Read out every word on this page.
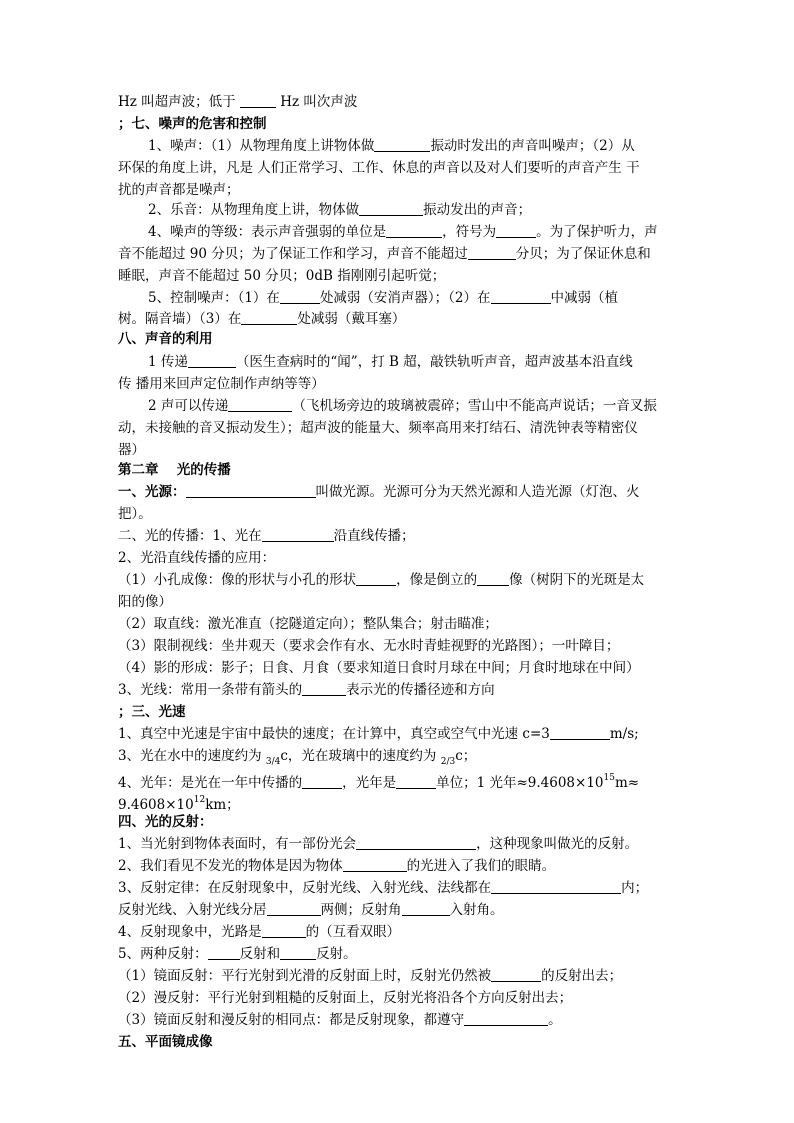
Hz 叫超声波；低于	Hz 叫次声波
；七、噪声的危害和控制
1、噪声：（1）从物理角度上讲物体做	振动时发出的声音叫噪声；（2）从
环保的角度上讲，凡是 人们正常学习、工作、休息的声音以及对人们要听的声音产生 干
扰的声音都是噪声；
2、乐音：从物理角度上讲，物体做	振动发出的声音；
4、噪声的等级：表示声音强弱的单位是	，符号为	。为了保护听力，声
音不能超过 90 分贝；为了保证工作和学习，声音不能超过	分贝；为了保证休息和
睡眠，声音不能超过 50 分贝；0dB 指刚刚引起听觉；
5、控制噪声：（1）在	处减弱（安消声器）；（2）在	中减弱（植
树。隔音墙）（3）在	处减弱（戴耳塞）
八、声音的利用
1 传递	（医生查病时的“闻”，打 B 超，敲铁轨听声音，超声波基本沿直线
传 播用来回声定位制作声纳等等）
2 声可以传递	（飞机场旁边的玻璃被震碎；雪山中不能高声说话；一音叉振
动，未接触的音叉振动发生）；超声波的能量大、频率高用来打结石、清洗钟表等精密仪
器）
第二章　 光的传播
一、光源：	叫做光源。光源可分为天然光源和人造光源（灯泡、火
把）。
二、光的传播：1、光在	沿直线传播；
2、光沿直线传播的应用：
（1）小孔成像：像的形状与小孔的形状	，像是倒立的 像（树阴下的光斑是太
阳的像）
（2）取直线：激光准直（挖隧道定向）；整队集合；射击瞄准；
（3）限制视线：坐井观天（要求会作有水、无水时青蛙视野的光路图）；一叶障目；
（4）影的形成：影子；日食、月食（要求知道日食时月球在中间；月食时地球在中间）
3、光线：常用一条带有箭头的	表示光的传播径迹和方向
；三、光速
1、真空中光速是宇宙中最快的速度；在计算中，真空或空气中光速 c=3	m/s;
3、光在水中的速度约为 $_{3/4}$c，光在玻璃中的速度约为 $_{2/3}$c；
4、光年：是光在一年中传播的	，光年是	单位；1 光年$\approx 9.4608\times 10^{15}m\approx$
$9.4608\times 10^{12}km$；
四、光的反射：
1、当光射到物体表面时，有一部份光会	，这种现象叫做光的反射。
2、我们看见不发光的物体是因为物体	的光进入了我们的眼睛。
3、反射定律：在反射现象中，反射光线、入射光线、法线都在	内；
反射光线、入射光线分居	两侧；反射角	入射角。
4、反射现象中，光路是	的（互看双眼）
5、两种反射： 反射和	反射。
（1）镜面反射：平行光射到光滑的反射面上时，反射光仍然被	的反射出去；
（2）漫反射：平行光射到粗糙的反射面上，反射光将沿各个方向反射出去；
（3）镜面反射和漫反射的相同点：都是反射现象，都遵守	。
五、平面镜成像
